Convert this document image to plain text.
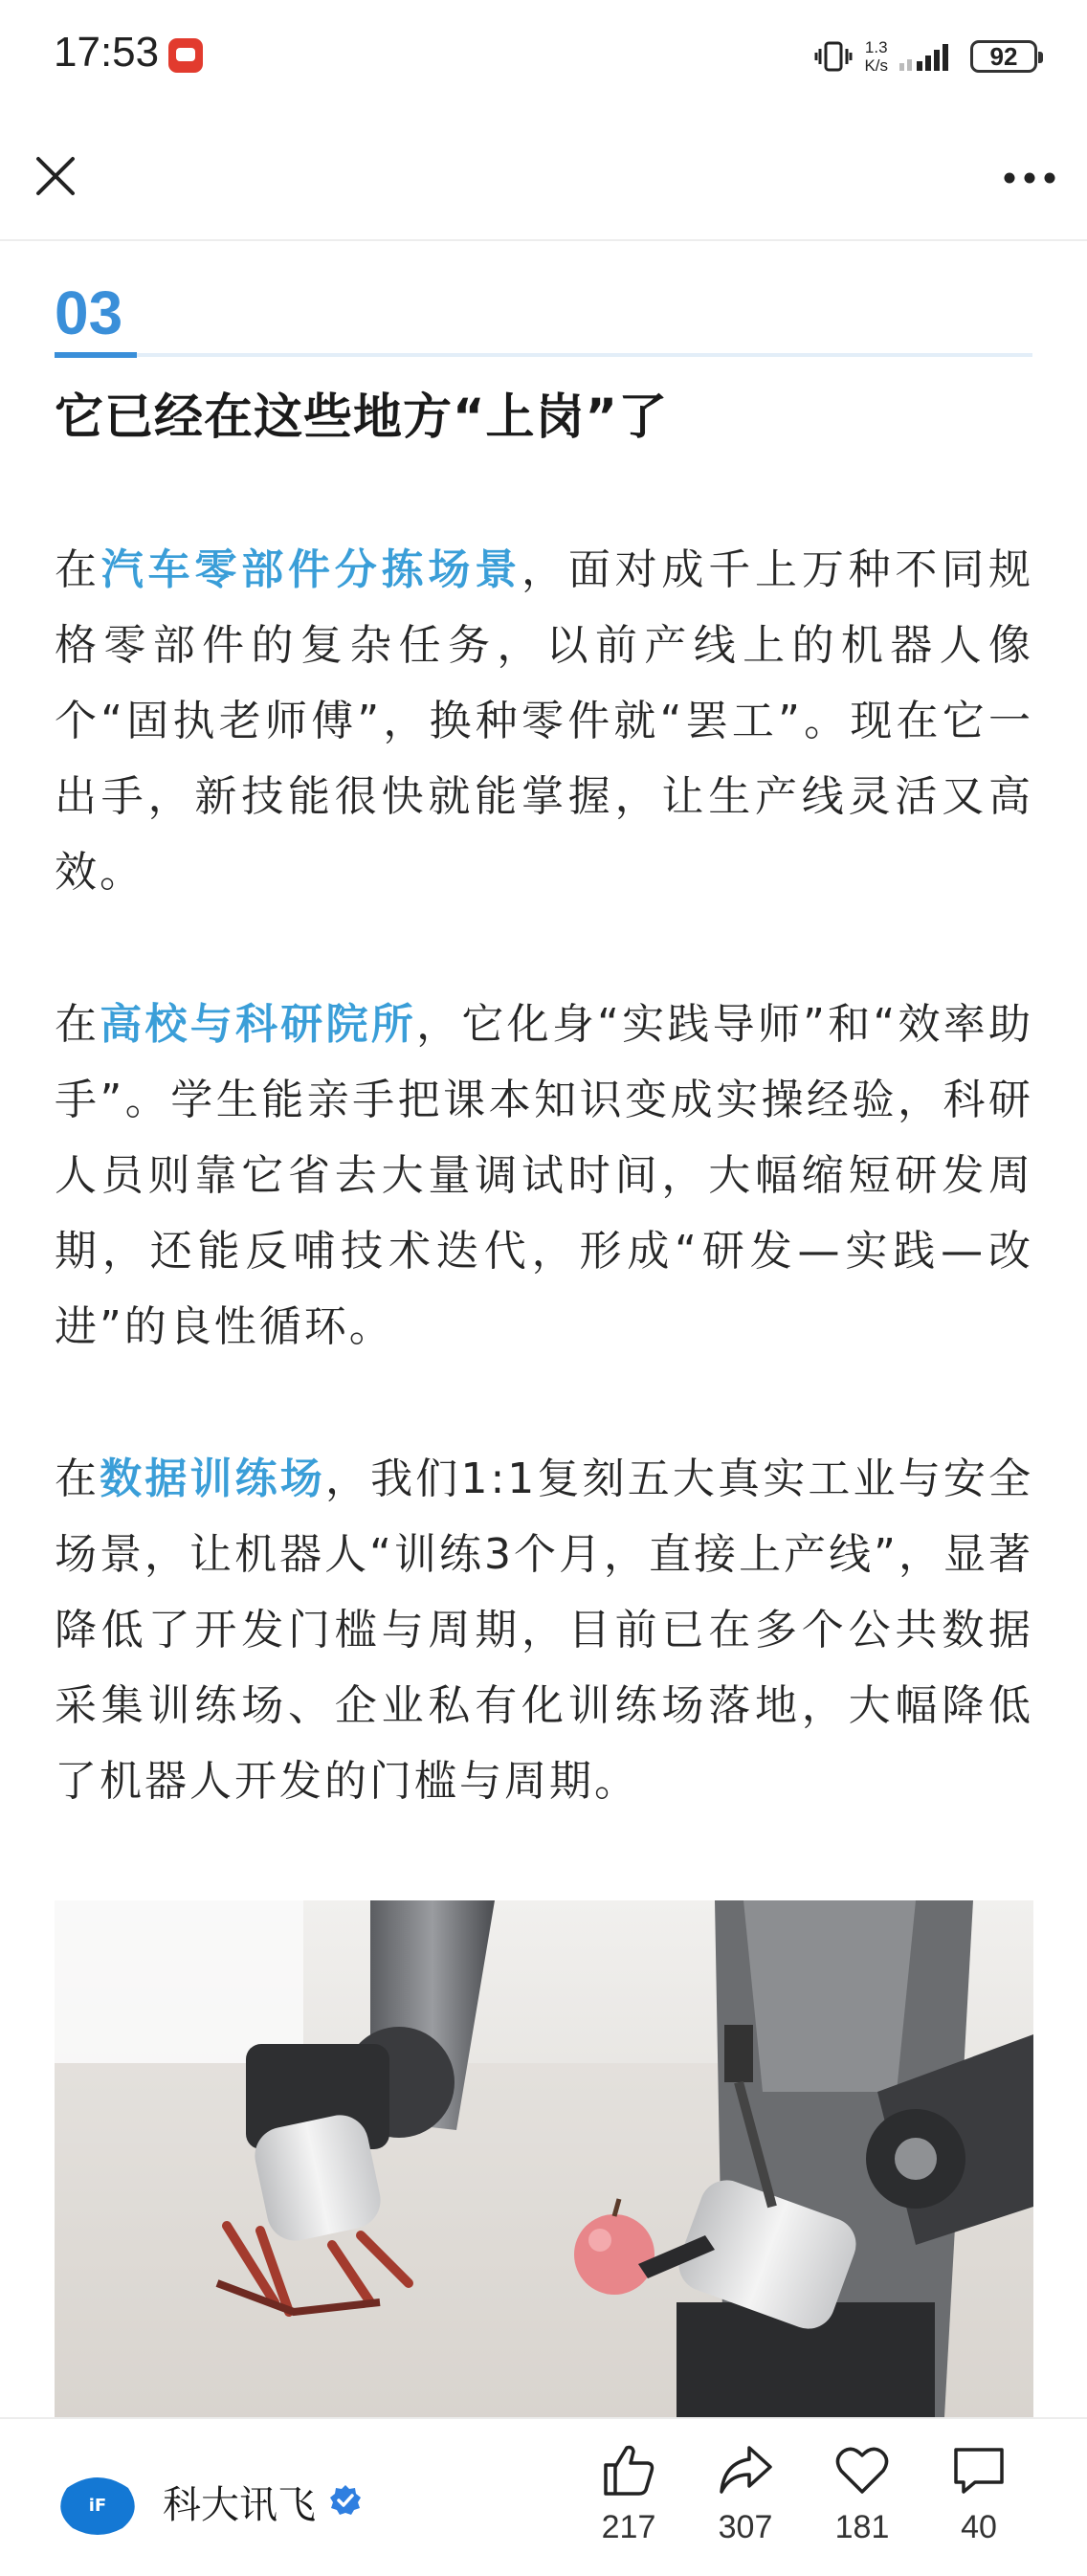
17:53	1.3
K/s	92
03
它已经在这些地方“上岗”了

在汽车零部件分拣场景，面对成千上万种不同规格零部件的复杂任务，以前产线上的机器人像个“固执老师傅”，换种零件就“罢工”。现在它一出手，新技能很快就能掌握，让生产线灵活又高效。

在高校与科研院所，它化身“实践导师”和“效率助手”。学生能亲手把课本知识变成实操经验，科研人员则靠它省去大量调试时间，大幅缩短研发周期，还能反哺技术迭代，形成“研发—实践—改进”的良性循环。

在数据训练场，我们1:1复刻五大真实工业与安全场景，让机器人“训练3个月，直接上产线”，显著降低了开发门槛与周期，目前已在多个公共数据采集训练场、企业私有化训练场落地，大幅降低了机器人开发的门槛与周期。

iF 科大讯飞	217	307	181	40
